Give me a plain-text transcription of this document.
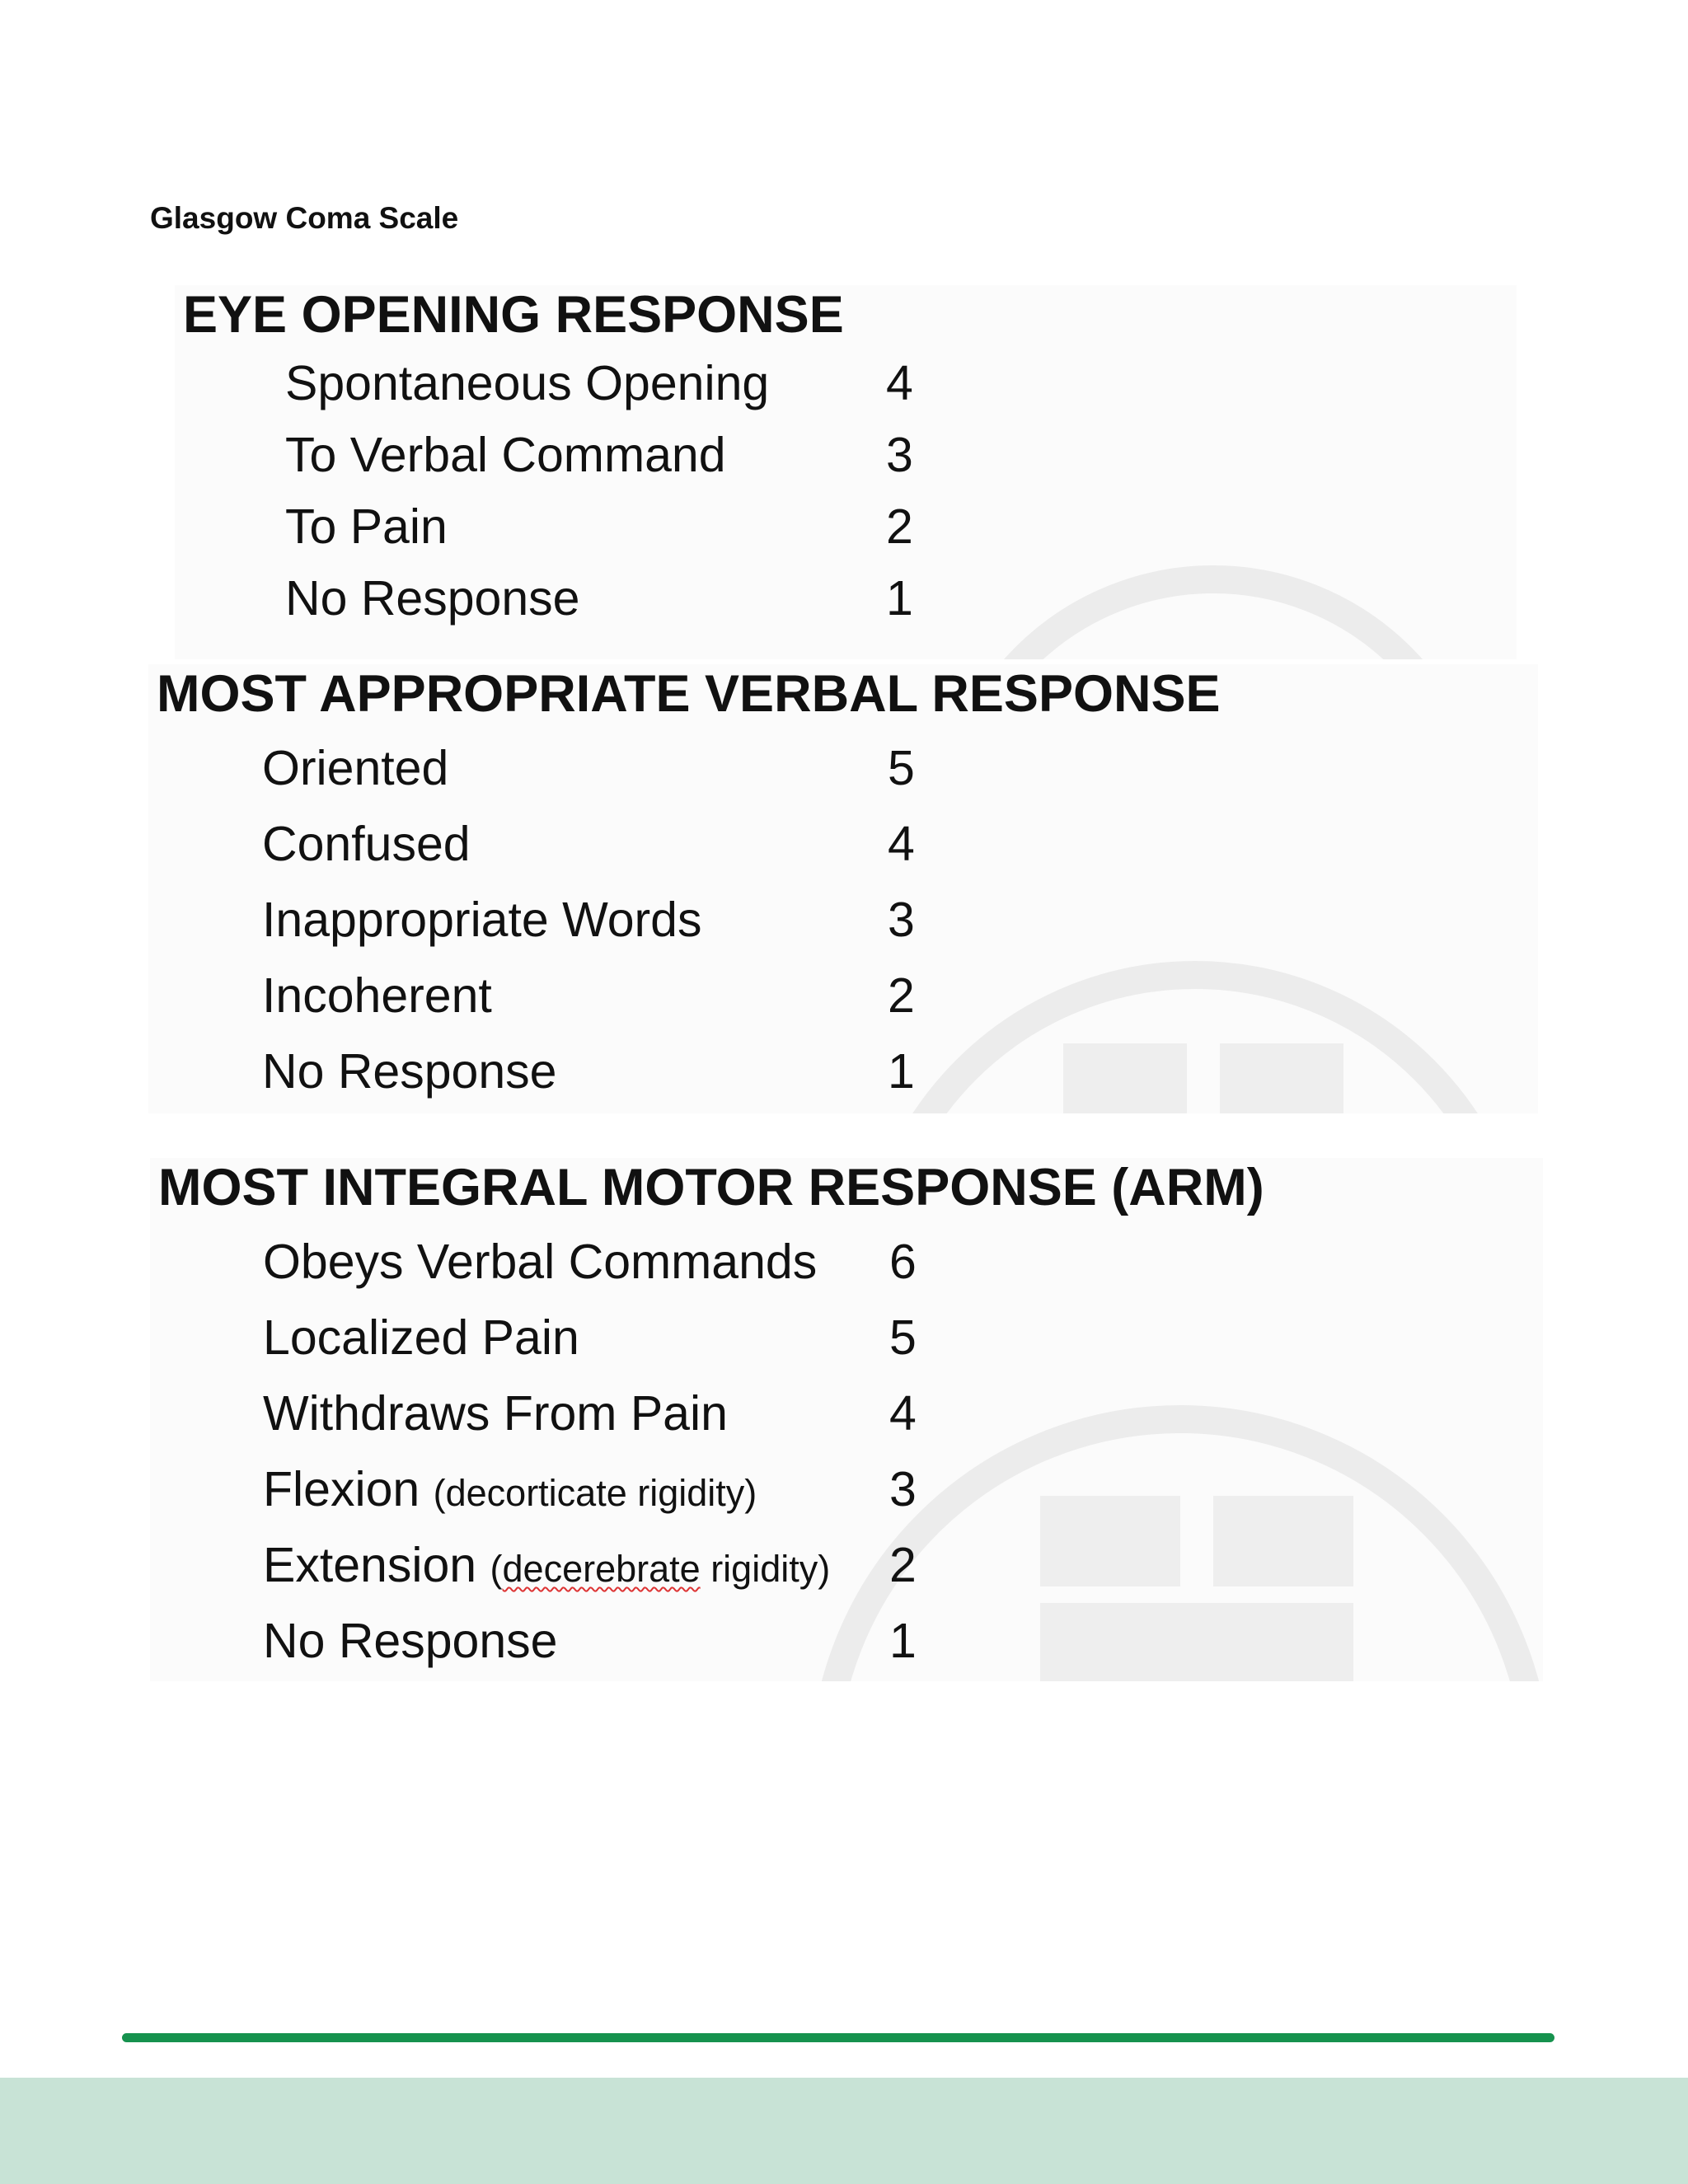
Glasgow Coma Scale
EYE OPENING RESPONSE
Spontaneous Opening 4
To Verbal Command	3
To Pain	2
No Response	1
MOST APPROPRIATE VERBAL RESPONSE
Oriented	5
Confused	4
Inappropriate Words	3
Incoherent	2
No Response	1
MOST INTEGRAL MOTOR RESPONSE (ARM)
Obeys Verbal Commands 6
Localized Pain	5
Withdraws From Pain	4
Flexion (decorticate rigidity)	3
Extension (decerebrate rigidity) 2
No Response	1
